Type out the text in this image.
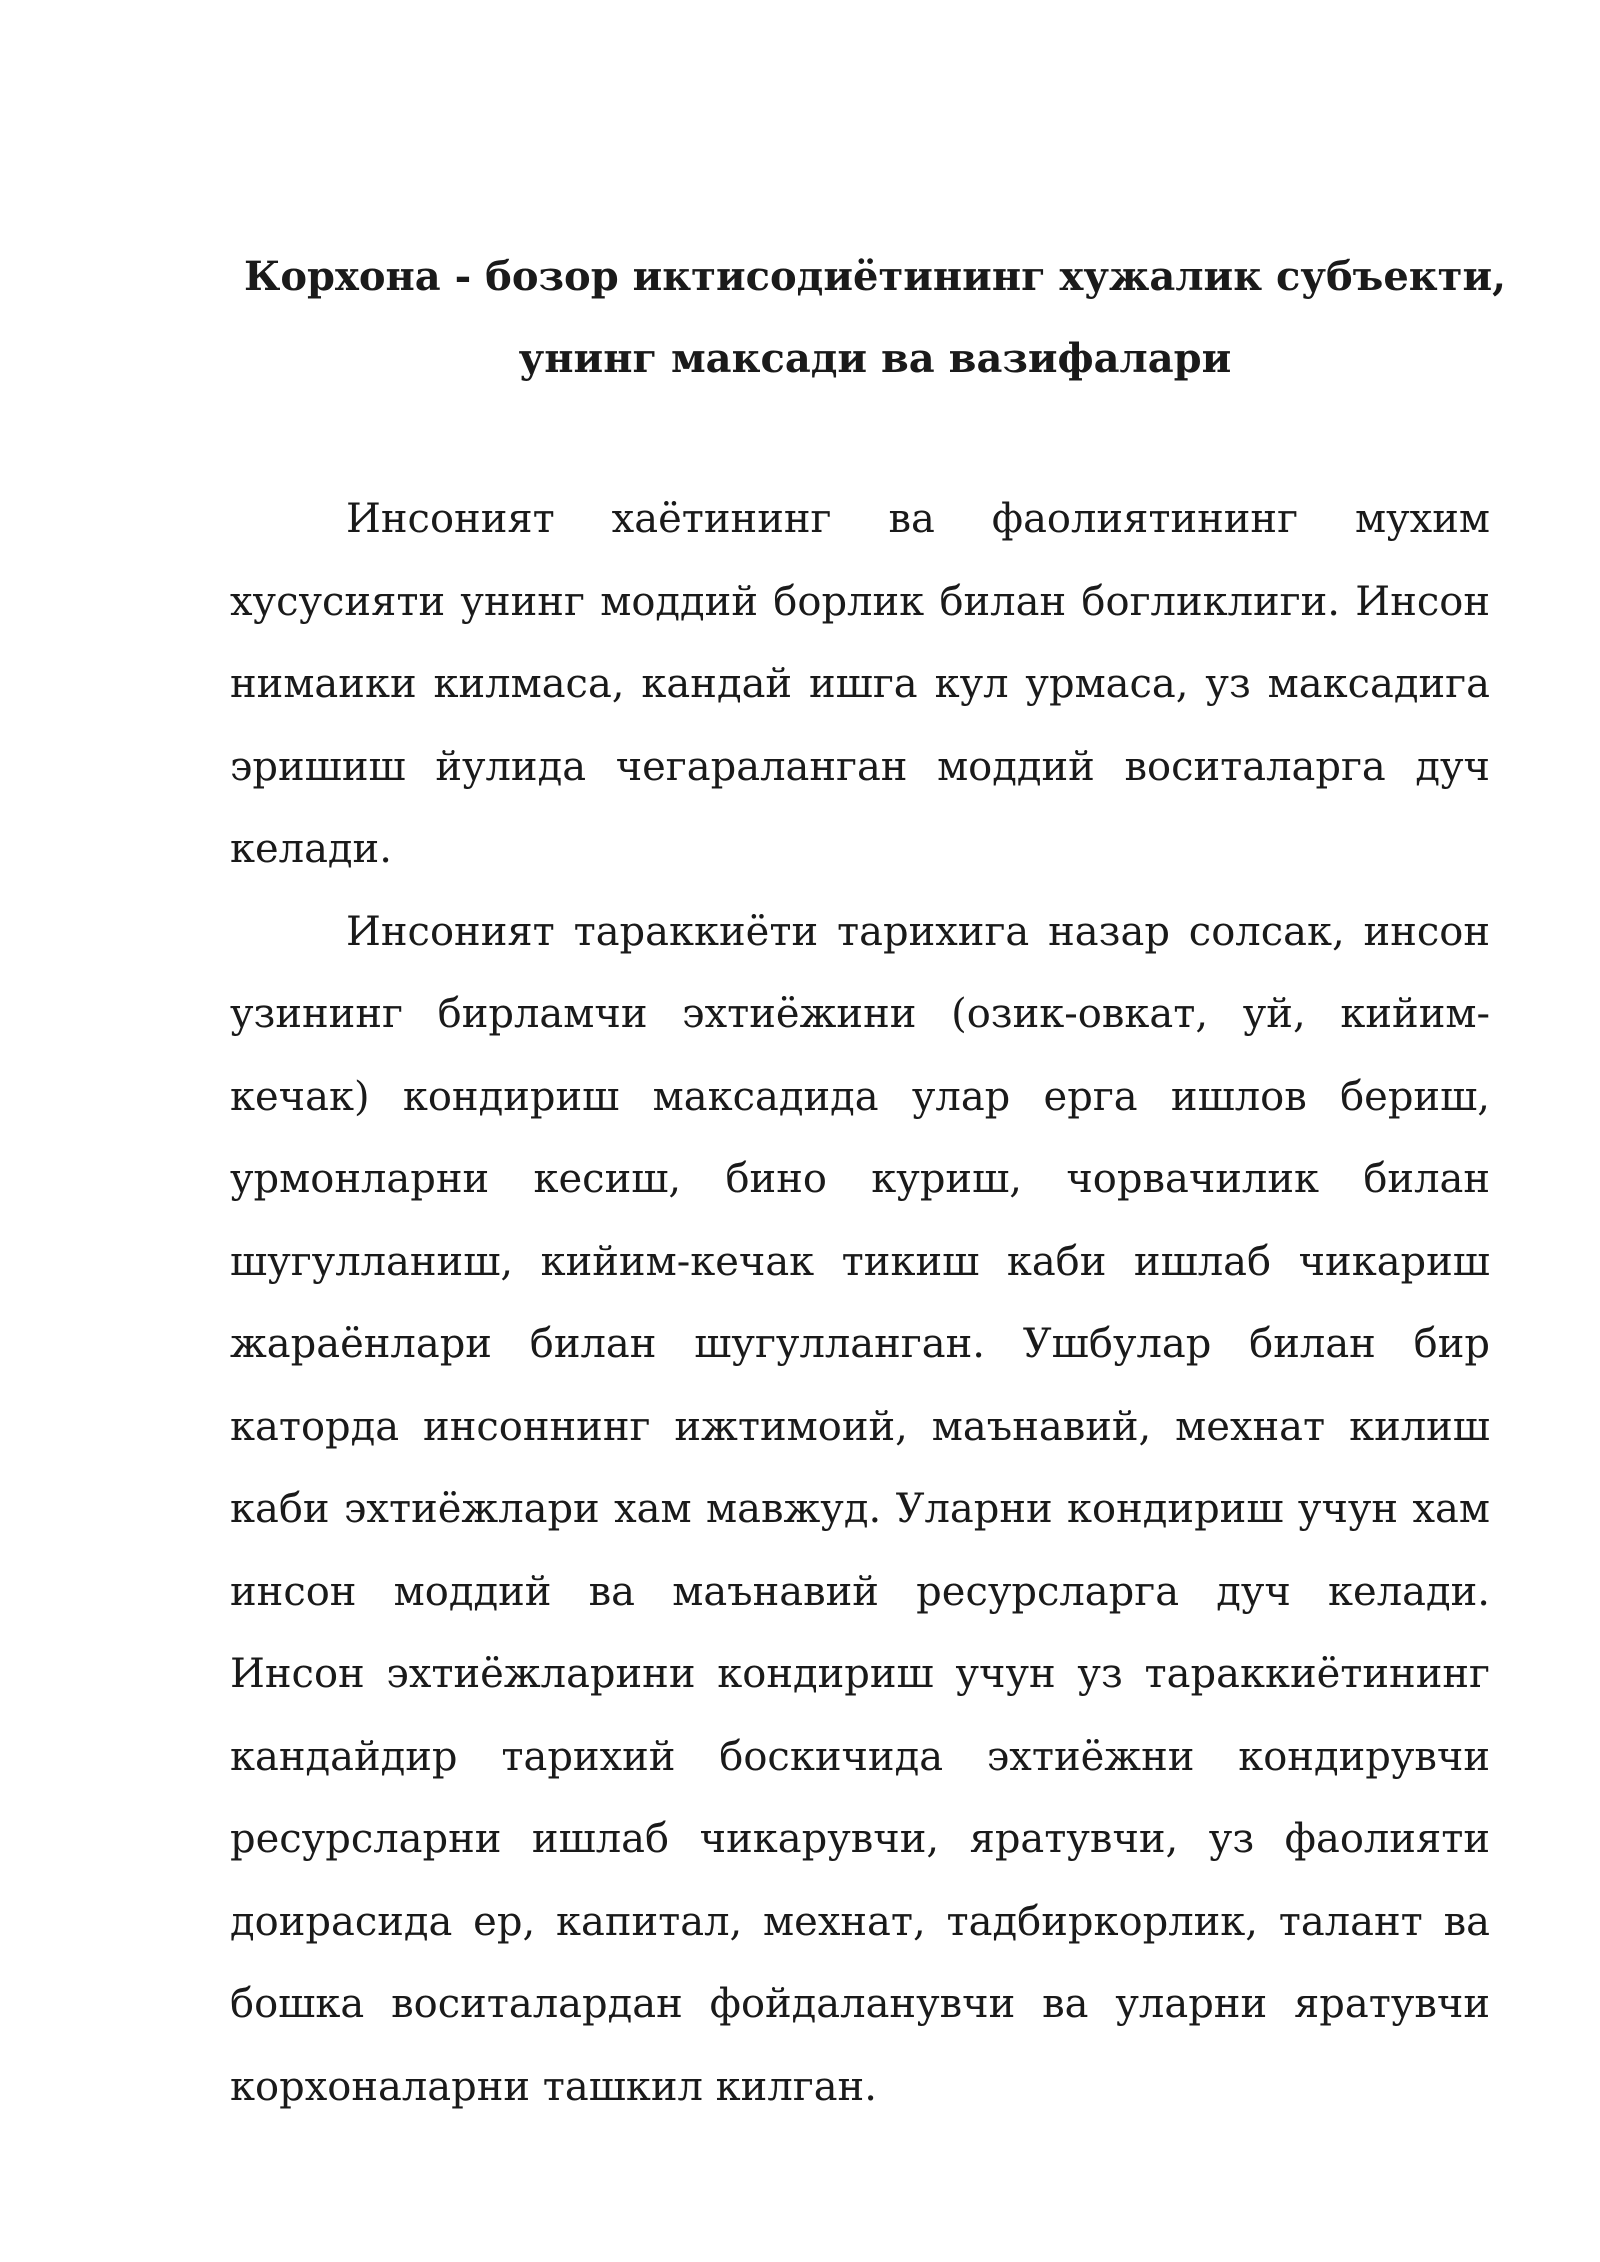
Корхона - бозор иктисодиётининг хужалик субъекти,
унинг максади ва вазифалари

Инсоният хаётининг ва фаолиятининг мухим хусусияти унинг моддий борлик билан богликлиги. Инсон нимаики килмаса, кандай ишга кул урмаса, уз максадига эришиш йулида чегараланган моддий воситаларга дуч келади.

Инсоният тараккиёти тарихига назар солсак, инсон узининг бирламчи эхтиёжини (озик-овкат, уй, кийим-кечак) кондириш максадида улар ерга ишлов бериш, урмонларни кесиш, бино куриш, чорвачилик билан шугулланиш, кийим-кечак тикиш каби ишлаб чикариш жараёнлари билан шугулланган. Ушбулар билан бир каторда инсоннинг ижтимоий, маънавий, мехнат килиш каби эхтиёжлари хам мавжуд. Уларни кондириш учун хам инсон моддий ва маънавий ресурсларга дуч келади. Инсон эхтиёжларини кондириш учун уз тараккиётининг кандайдир тарихий боскичида эхтиёжни кондирувчи ресурсларни ишлаб чикарувчи, яратувчи, уз фаолияти доирасида ер, капитал, мехнат, тадбиркорлик, талант ва бошка воситалардан фойдаланувчи ва уларни яратувчи корхоналарни ташкил килган.
